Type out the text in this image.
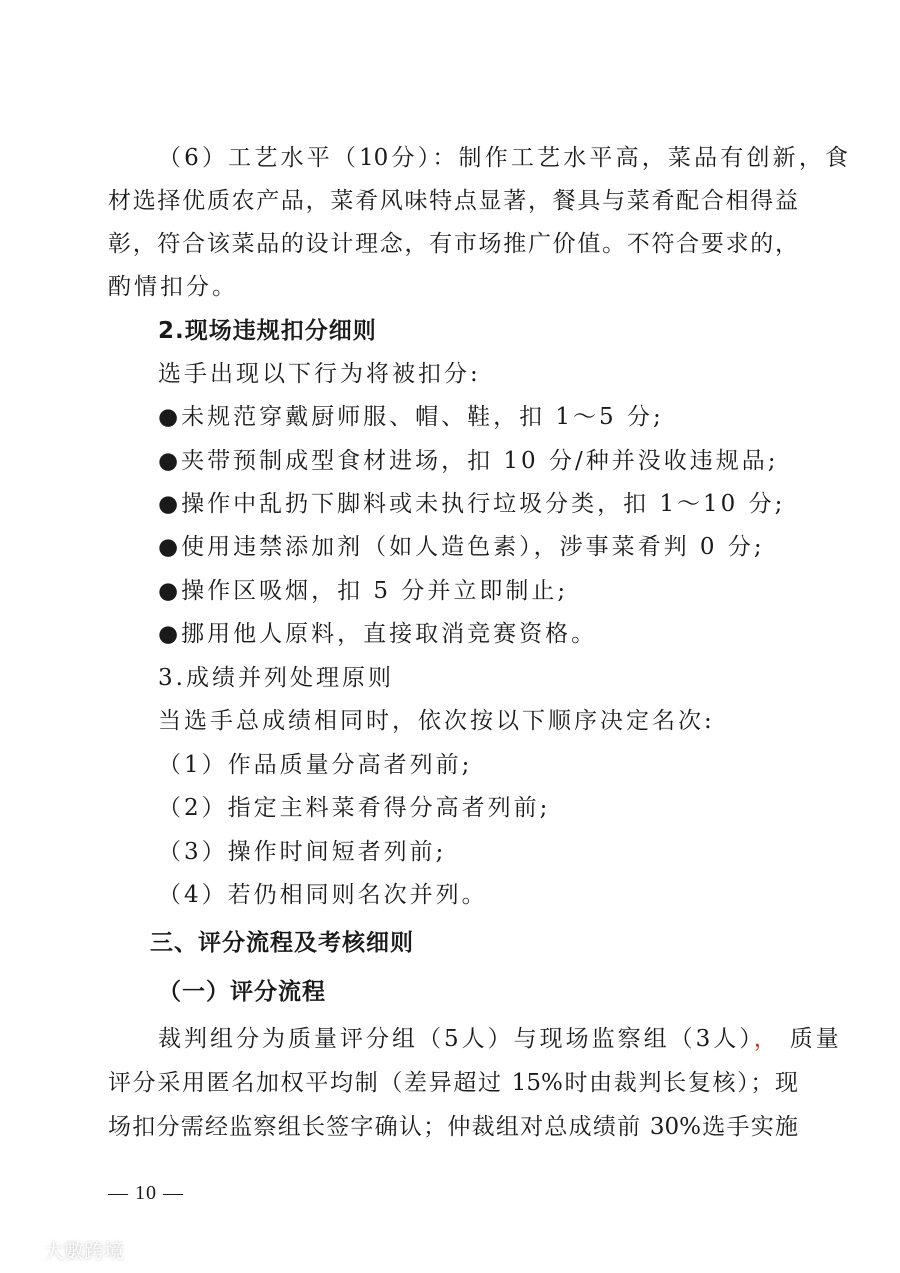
（6）工艺水平（10分）：制作工艺水平高，菜品有创新，食
材选择优质农产品，菜肴风味特点显著，餐具与菜肴配合相得益
彰，符合该菜品的设计理念，有市场推广价值。不符合要求的，
酌情扣分。
2.现场违规扣分细则
选手出现以下行为将被扣分:
●未规范穿戴厨师服、帽、鞋，扣 1～5 分;
●夹带预制成型食材进场，扣 10 分/种并没收违规品;
●操作中乱扔下脚料或未执行垃圾分类，扣 1～10 分;
●使用违禁添加剂（如人造色素），涉事菜肴判 0 分;
●操作区吸烟，扣 5 分并立即制止;
●挪用他人原料，直接取消竞赛资格。
3.成绩并列处理原则
当选手总成绩相同时，依次按以下顺序决定名次:
（1）作品质量分高者列前;
（2）指定主料菜肴得分高者列前;
（3）操作时间短者列前;
（4）若仍相同则名次并列。
三、评分流程及考核细则
（一）评分流程
裁判组分为质量评分组（5人）与现场监察组（3人）， 质量
评分采用匿名加权平均制（差异超过 15%时由裁判长复核）；现
场扣分需经监察组长签字确认；仲裁组对总成绩前 30%选手实施
— 10 —
大數跨境
